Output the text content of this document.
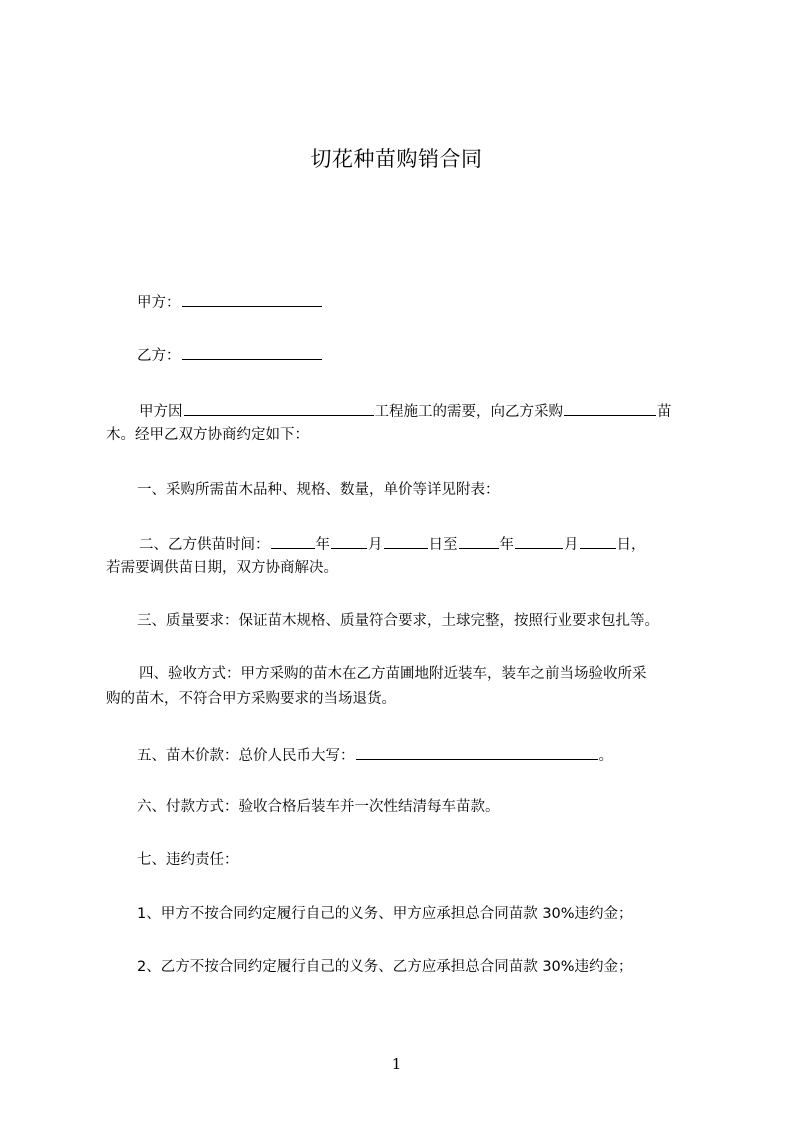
切花种苗购销合同
甲方：
乙方：
甲方因	工程施工的需要，向乙方采购	苗
木。经甲乙双方协商约定如下：
一、采购所需苗木品种、规格、数量，单价等详见附表：
二、乙方供苗时间：	年	月	日至	年	月	日，
若需要调供苗日期，双方协商解决。
三、质量要求：保证苗木规格、质量符合要求，土球完整，按照行业要求包扎等。
四、验收方式：甲方采购的苗木在乙方苗圃地附近装车，装车之前当场验收所采
购的苗木，不符合甲方采购要求的当场退货。
五、苗木价款：总价人民币大写：	。
六、付款方式：验收合格后装车并一次性结清每车苗款。
七、违约责任：
1、甲方不按合同约定履行自己的义务、甲方应承担总合同苗款 30%违约金；
2、乙方不按合同约定履行自己的义务、乙方应承担总合同苗款 30%违约金；
1
